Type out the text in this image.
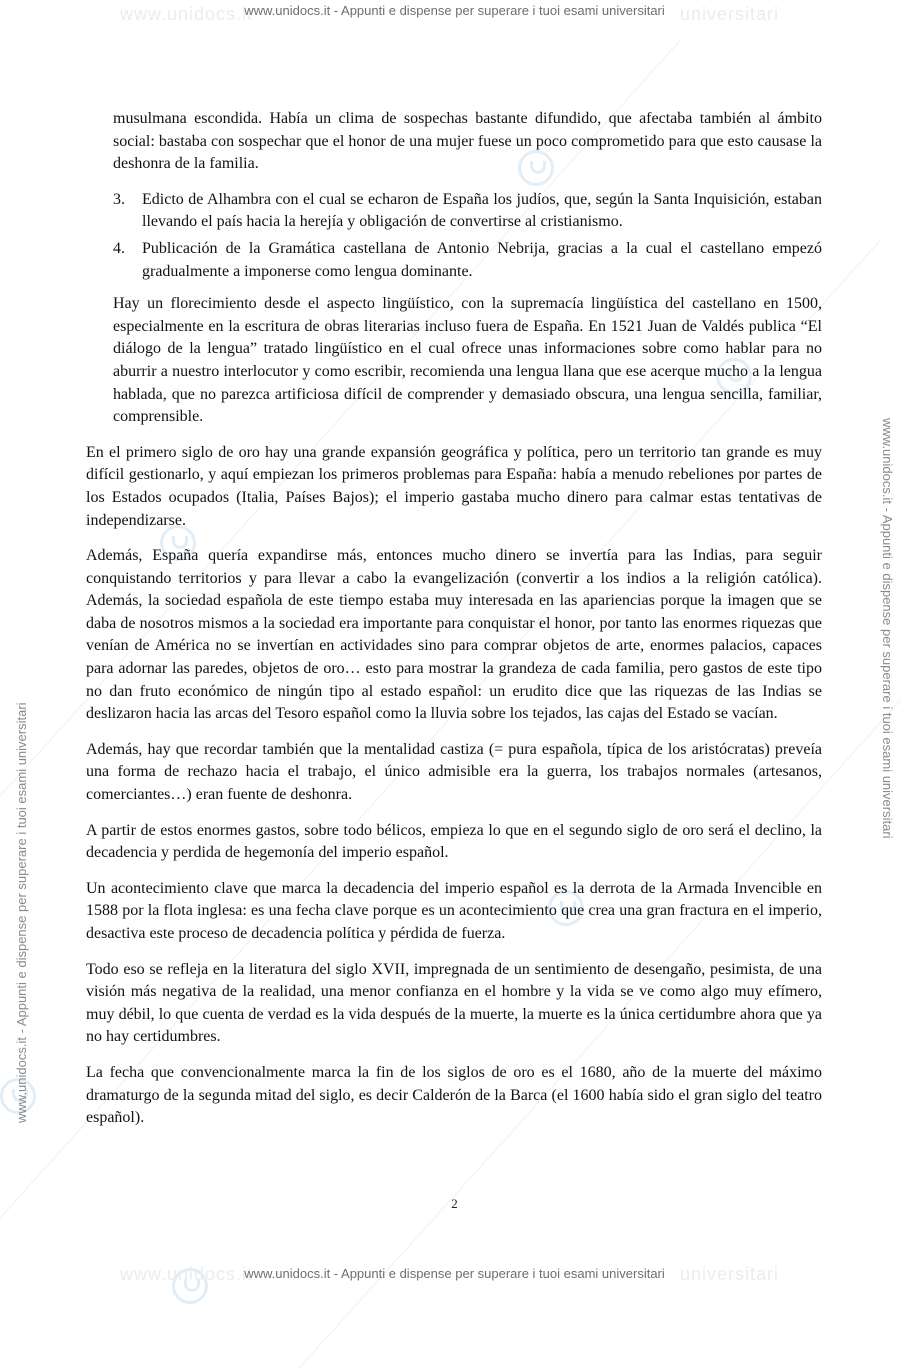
www.unidocs.it	universitari
www.unidocs.it	universitari
www.unidocs.it - Appunti e dispense per superare i tuoi esami universitari
www.unidocs.it - Appunti e dispense per superare i tuoi esami universitari
www.unidocs.it - Appunti e dispense per superare i tuoi esami universitari

musulmana escondida. Había un clima de sospechas bastante difundido, que afectaba también al ámbito social: bastaba con sospechar que el honor de una mujer fuese un poco comprometido para que esto causase la deshonra de la familia.

3. Edicto de Alhambra con el cual se echaron de España los judíos, que, según la Santa Inquisición, estaban llevando el país hacia la herejía y obligación de convertirse al cristianismo.
4. Publicación de la Gramática castellana de Antonio Nebrija, gracias a la cual el castellano empezó gradualmente a imponerse como lengua dominante.

Hay un florecimiento desde el aspecto lingüístico, con la supremacía lingüística del castellano en 1500, especialmente en la escritura de obras literarias incluso fuera de España. En 1521 Juan de Valdés publica “El diálogo de la lengua” tratado lingüístico en el cual ofrece unas informaciones sobre como hablar para no aburrir a nuestro interlocutor y como escribir, recomienda una lengua llana que ese acerque mucho a la lengua hablada, que no parezca artificiosa difícil de comprender y demasiado obscura, una lengua sencilla, familiar, comprensible.

En el primero siglo de oro hay una grande expansión geográfica y política, pero un territorio tan grande es muy difícil gestionarlo, y aquí empiezan los primeros problemas para España: había a menudo rebeliones por partes de los Estados ocupados (Italia, Países Bajos); el imperio gastaba mucho dinero para calmar estas tentativas de independizarse.

Además, España quería expandirse más, entonces mucho dinero se invertía para las Indias, para seguir conquistando territorios y para llevar a cabo la evangelización (convertir a los indios a la religión católica). Además, la sociedad española de este tiempo estaba muy interesada en las apariencias porque la imagen que se daba de nosotros mismos a la sociedad era importante para conquistar el honor, por tanto las enormes riquezas que venían de América no se invertían en actividades sino para comprar objetos de arte, enormes palacios, capaces para adornar las paredes, objetos de oro… esto para mostrar la grandeza de cada familia, pero gastos de este tipo no dan fruto económico de ningún tipo al estado español: un erudito dice que las riquezas de las Indias se deslizaron hacia las arcas del Tesoro español como la lluvia sobre los tejados, las cajas del Estado se vacían.

Además, hay que recordar también que la mentalidad castiza (= pura española, típica de los aristócratas) preveía una forma de rechazo hacia el trabajo, el único admisible era la guerra, los trabajos normales (artesanos, comerciantes…) eran fuente de deshonra.

A partir de estos enormes gastos, sobre todo bélicos, empieza lo que en el segundo siglo de oro será el declino, la decadencia y perdida de hegemonía del imperio español.

Un acontecimiento clave que marca la decadencia del imperio español es la derrota de la Armada Invencible en 1588 por la flota inglesa: es una fecha clave porque es un acontecimiento que crea una gran fractura en el imperio, desactiva este proceso de decadencia política y pérdida de fuerza.

Todo eso se refleja en la literatura del siglo XVII, impregnada de un sentimiento de desengaño, pesimista, de una visión más negativa de la realidad, una menor confianza en el hombre y la vida se ve como algo muy efímero, muy débil, lo que cuenta de verdad es la vida después de la muerte, la muerte es la única certidumbre ahora que ya no hay certidumbres.

La fecha que convencionalmente marca la fin de los siglos de oro es el 1680, año de la muerte del máximo dramaturgo de la segunda mitad del siglo, es decir Calderón de la Barca (el 1600 había sido el gran siglo del teatro español).

2
www.unidocs.it - Appunti e dispense per superare i tuoi esami universitari
